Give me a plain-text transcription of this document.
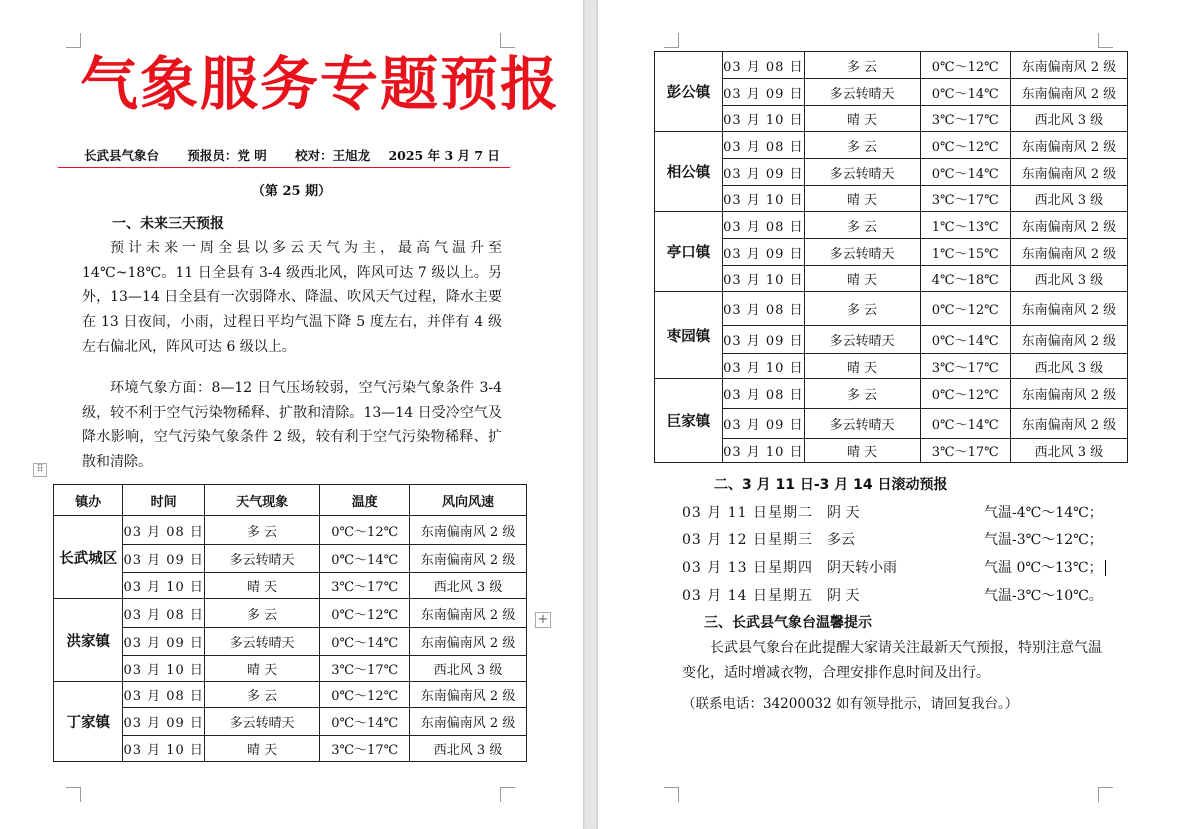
气象服务专题预报
长武县气象台 预报员：党 明 校对：王旭龙 2025 年 3 月 7 日
（第 25 期）
一、未来三天预报

预计未来一周全县以多云天气为主，最高气温升至 14℃~18℃。11 日全县有 3-4 级西北风，阵风可达 7 级以上。另外，13—14 日全县有一次弱降水、降温、吹风天气过程，降水主要在 13 日夜间，小雨，过程日平均气温下降 5 度左右，并伴有 4 级左右偏北风，阵风可达 6 级以上。

环境气象方面：8—12 日气压场较弱，空气污染气象条件 3-4 级，较不利于空气污染物稀释、扩散和清除。13—14 日受冷空气及降水影响，空气污染气象条件 2 级，较有利于空气污染物稀释、扩散和清除。

⠿
镇办	时间	天气现象	温度	风向风速
长武城区	03 月 08 日	多 云	0℃～12℃	东南偏南风 2 级
	03 月 09 日	多云转晴天	0℃～14℃	东南偏南风 2 级
	03 月 10 日	晴 天	3℃～17℃	西北风 3 级
洪家镇	03 月 08 日	多 云	0℃～12℃	东南偏南风 2 级
	03 月 09 日	多云转晴天	0℃～14℃	东南偏南风 2 级
	03 月 10 日	晴 天	3℃～17℃	西北风 3 级
丁家镇	03 月 08 日	多 云	0℃～12℃	东南偏南风 2 级
	03 月 09 日	多云转晴天	0℃～14℃	东南偏南风 2 级
	03 月 10 日	晴 天	3℃～17℃	西北风 3 级
+
彭公镇	03 月 08 日	多 云	0℃～12℃	东南偏南风 2 级
	03 月 09 日	多云转晴天	0℃～14℃	东南偏南风 2 级
	03 月 10 日	晴 天	3℃～17℃	西北风 3 级
相公镇	03 月 08 日	多 云	0℃～12℃	东南偏南风 2 级
	03 月 09 日	多云转晴天	0℃～14℃	东南偏南风 2 级
	03 月 10 日	晴 天	3℃～17℃	西北风 3 级
亭口镇	03 月 08 日	多 云	1℃～13℃	东南偏南风 2 级
	03 月 09 日	多云转晴天	1℃～15℃	东南偏南风 2 级
	03 月 10 日	晴 天	4℃～18℃	西北风 3 级
枣园镇	03 月 08 日	多 云	0℃～12℃	东南偏南风 2 级
	03 月 09 日	多云转晴天	0℃～14℃	东南偏南风 2 级
	03 月 10 日	晴 天	3℃～17℃	西北风 3 级
巨家镇	03 月 08 日	多 云	0℃～12℃	东南偏南风 2 级
	03 月 09 日	多云转晴天	0℃～14℃	东南偏南风 2 级
	03 月 10 日	晴 天	3℃～17℃	西北风 3 级
二、3 月 11 日-3 月 14 日滚动预报
03 月 11 日星期二 阴 天	气温-4℃～14℃；
03 月 12 日星期三 多云	气温-3℃～12℃；
03 月 13 日星期四 阴天转小雨	气温 0℃～13℃；
03 月 14 日星期五 阴 天	气温-3℃～10℃。
三、长武县气象台温馨提示

长武县气象台在此提醒大家请关注最新天气预报，特别注意气温变化，适时增减衣物，合理安排作息时间及出行。

（联系电话：34200032 如有领导批示，请回复我台。）
